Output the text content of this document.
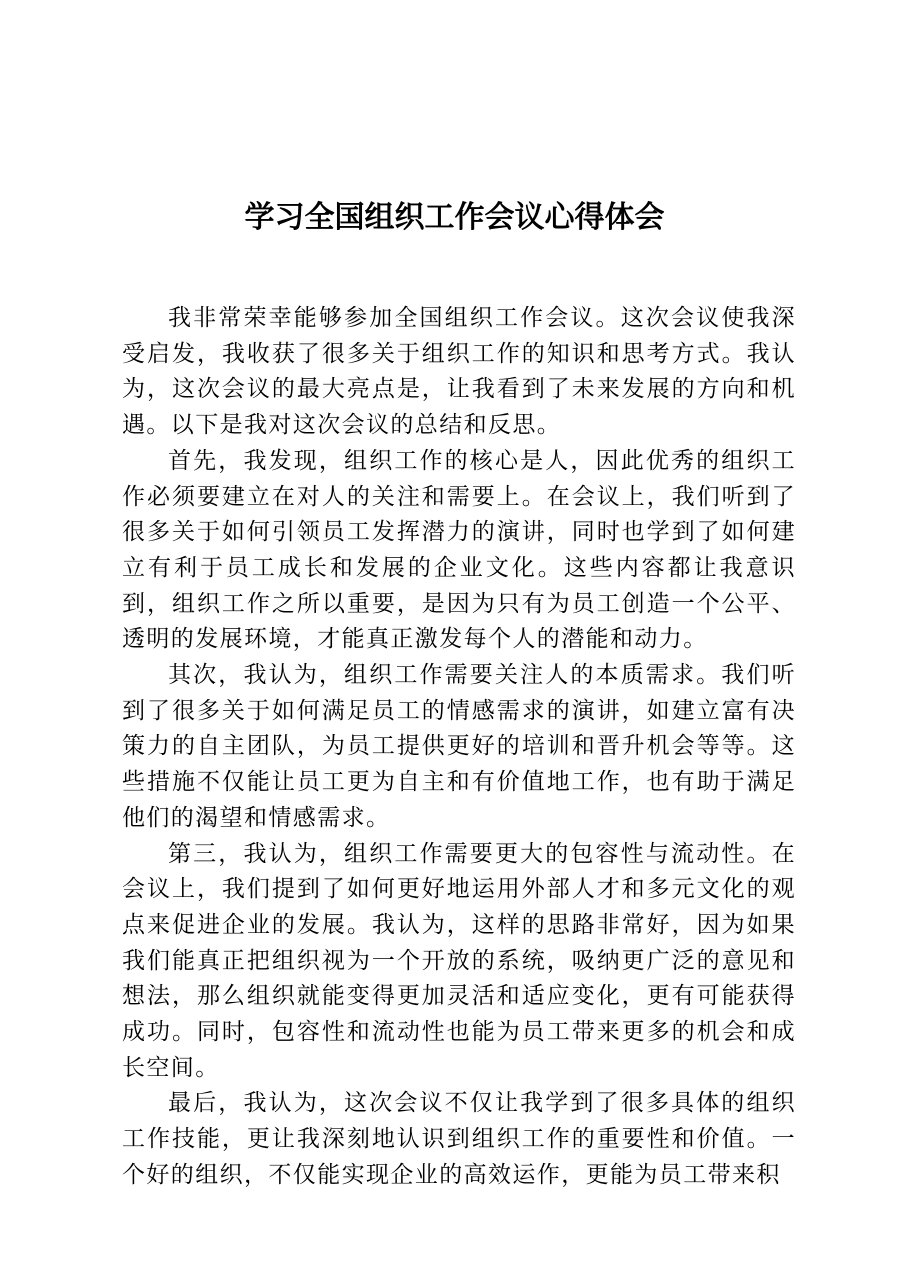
学习全国组织工作会议心得体会

我非常荣幸能够参加全国组织工作会议。这次会议使我深受启发，我收获了很多关于组织工作的知识和思考方式。我认为，这次会议的最大亮点是，让我看到了未来发展的方向和机遇。以下是我对这次会议的总结和反思。

首先，我发现，组织工作的核心是人，因此优秀的组织工作必须要建立在对人的关注和需要上。在会议上，我们听到了很多关于如何引领员工发挥潜力的演讲，同时也学到了如何建立有利于员工成长和发展的企业文化。这些内容都让我意识到，组织工作之所以重要，是因为只有为员工创造一个公平、透明的发展环境，才能真正激发每个人的潜能和动力。

其次，我认为，组织工作需要关注人的本质需求。我们听到了很多关于如何满足员工的情感需求的演讲，如建立富有决策力的自主团队，为员工提供更好的培训和晋升机会等等。这些措施不仅能让员工更为自主和有价值地工作，也有助于满足他们的渴望和情感需求。

第三，我认为，组织工作需要更大的包容性与流动性。在会议上，我们提到了如何更好地运用外部人才和多元文化的观点来促进企业的发展。我认为，这样的思路非常好，因为如果我们能真正把组织视为一个开放的系统，吸纳更广泛的意见和想法，那么组织就能变得更加灵活和适应变化，更有可能获得成功。同时，包容性和流动性也能为员工带来更多的机会和成长空间。

最后，我认为，这次会议不仅让我学到了很多具体的组织工作技能，更让我深刻地认识到组织工作的重要性和价值。一个好的组织，不仅能实现企业的高效运作，更能为员工带来积
